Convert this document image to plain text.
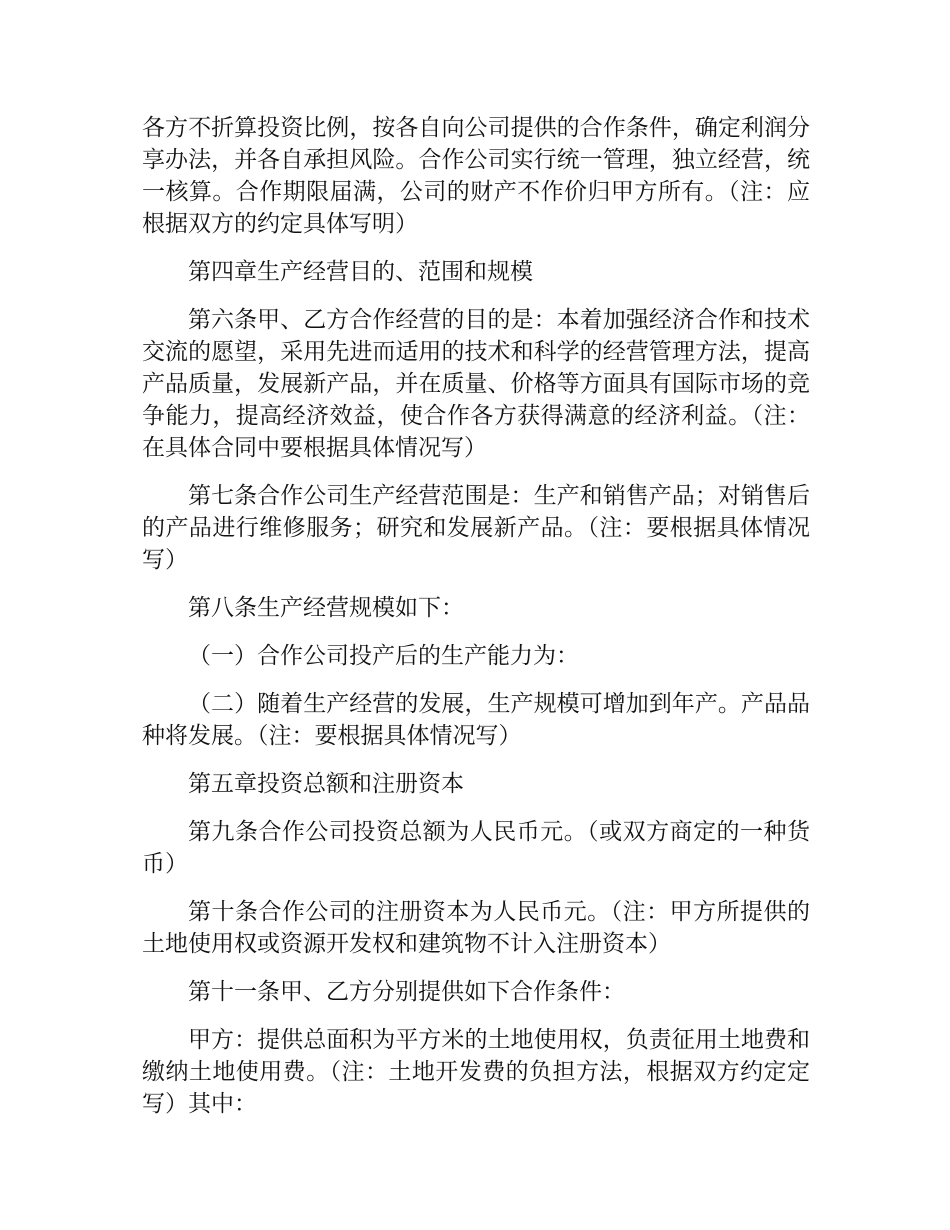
各方不折算投资比例，按各自向公司提供的合作条件，确定利润分享办法，并各自承担风险。合作公司实行统一管理，独立经营，统一核算。合作期限届满，公司的财产不作价归甲方所有。（注：应根据双方的约定具体写明）

第四章生产经营目的、范围和规模

第六条甲、乙方合作经营的目的是：本着加强经济合作和技术交流的愿望，采用先进而适用的技术和科学的经营管理方法，提高产品质量，发展新产品，并在质量、价格等方面具有国际市场的竞争能力，提高经济效益，使合作各方获得满意的经济利益。（注：在具体合同中要根据具体情况写）

第七条合作公司生产经营范围是：生产和销售产品；对销售后的产品进行维修服务；研究和发展新产品。（注：要根据具体情况写）

第八条生产经营规模如下：

（一）合作公司投产后的生产能力为：

（二）随着生产经营的发展，生产规模可增加到年产。产品品种将发展。（注：要根据具体情况写）

第五章投资总额和注册资本

第九条合作公司投资总额为人民币元。（或双方商定的一种货币）

第十条合作公司的注册资本为人民币元。（注：甲方所提供的土地使用权或资源开发权和建筑物不计入注册资本）

第十一条甲、乙方分别提供如下合作条件：

甲方：提供总面积为平方米的土地使用权，负责征用土地费和缴纳土地使用费。（注：土地开发费的负担方法，根据双方约定定写）其中：
